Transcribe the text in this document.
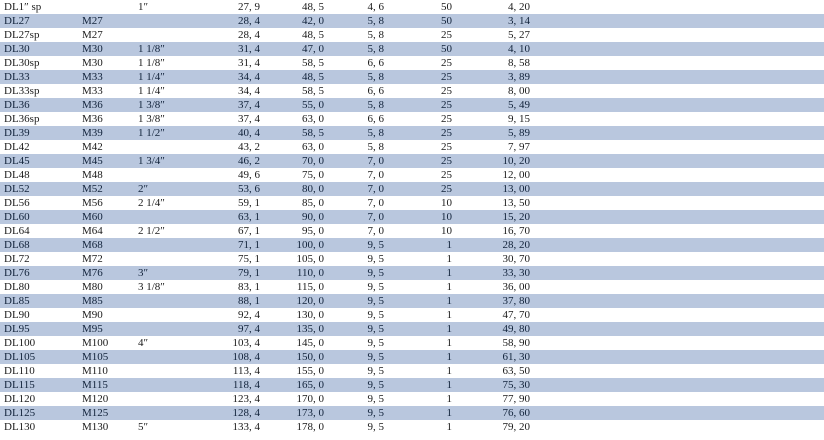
DL1″ sp		1″	27, 9	48, 5	4, 6	50	4, 20	
DL27	M27		28, 4	42, 0	5, 8	50	3, 14	
DL27sp	M27		28, 4	48, 5	5, 8	25	5, 27	
DL30	M30	1 1/8″	31, 4	47, 0	5, 8	50	4, 10	
DL30sp	M30	1 1/8″	31, 4	58, 5	6, 6	25	8, 58	
DL33	M33	1 1/4″	34, 4	48, 5	5, 8	25	3, 89	
DL33sp	M33	1 1/4″	34, 4	58, 5	6, 6	25	8, 00	
DL36	M36	1 3/8″	37, 4	55, 0	5, 8	25	5, 49	
DL36sp	M36	1 3/8″	37, 4	63, 0	6, 6	25	9, 15	
DL39	M39	1 1/2″	40, 4	58, 5	5, 8	25	5, 89	
DL42	M42		43, 2	63, 0	5, 8	25	7, 97	
DL45	M45	1 3/4″	46, 2	70, 0	7, 0	25	10, 20	
DL48	M48		49, 6	75, 0	7, 0	25	12, 00	
DL52	M52	2″	53, 6	80, 0	7, 0	25	13, 00	
DL56	M56	2 1/4″	59, 1	85, 0	7, 0	10	13, 50	
DL60	M60		63, 1	90, 0	7, 0	10	15, 20	
DL64	M64	2 1/2″	67, 1	95, 0	7, 0	10	16, 70	
DL68	M68		71, 1	100, 0	9, 5	1	28, 20	
DL72	M72		75, 1	105, 0	9, 5	1	30, 70	
DL76	M76	3″	79, 1	110, 0	9, 5	1	33, 30	
DL80	M80	3 1/8″	83, 1	115, 0	9, 5	1	36, 00	
DL85	M85		88, 1	120, 0	9, 5	1	37, 80	
DL90	M90		92, 4	130, 0	9, 5	1	47, 70	
DL95	M95		97, 4	135, 0	9, 5	1	49, 80	
DL100	M100	4″	103, 4	145, 0	9, 5	1	58, 90	
DL105	M105		108, 4	150, 0	9, 5	1	61, 30	
DL110	M110		113, 4	155, 0	9, 5	1	63, 50	
DL115	M115		118, 4	165, 0	9, 5	1	75, 30	
DL120	M120		123, 4	170, 0	9, 5	1	77, 90	
DL125	M125		128, 4	173, 0	9, 5	1	76, 60	
DL130	M130	5″	133, 4	178, 0	9, 5	1	79, 20	
